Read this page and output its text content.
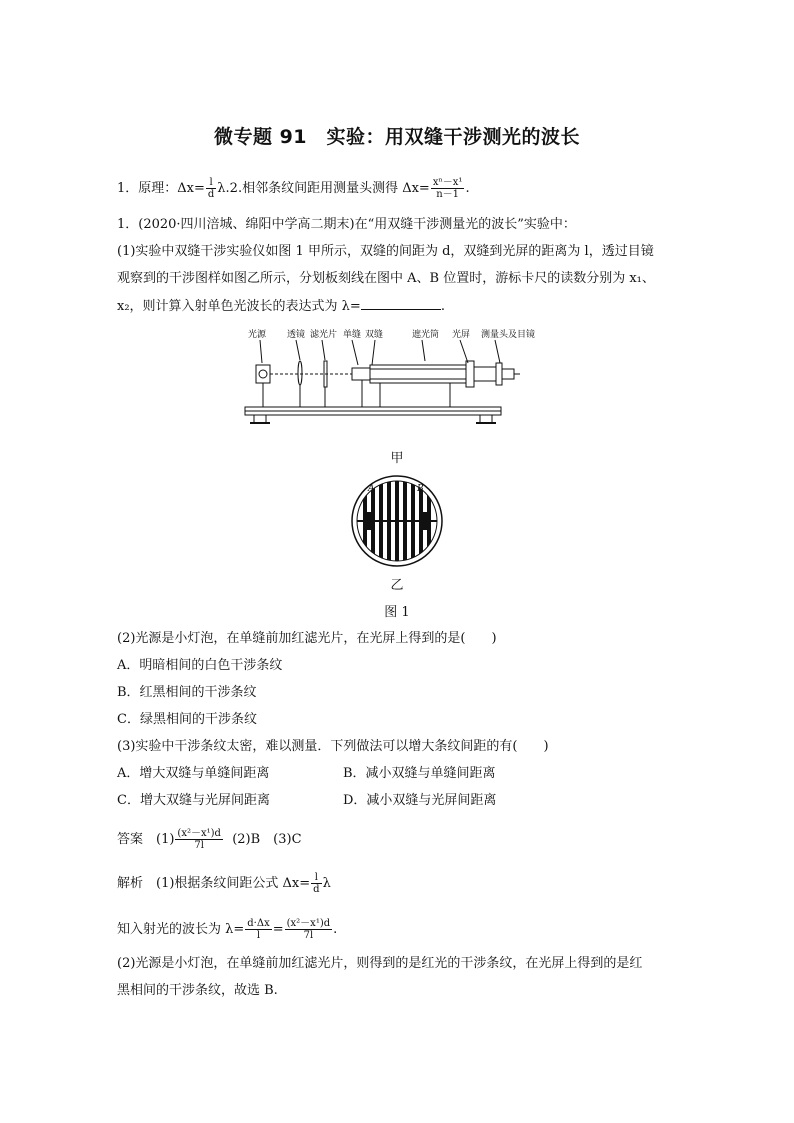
微专题 91　实验：用双缝干涉测光的波长
1．原理：$\Delta x= \frac{l}{d} \lambda.2$.相邻条纹间距用测量头测得 $\Delta x= \frac{\text{xⁿ－x¹}}{n-1}$ .
1．(2020·四川涪城、绵阳中学高二期末)在“用双缝干涉测量光的波长”实验中：
(1)实验中双缝干涉实验仪如图 1 甲所示，双缝的间距为 d，双缝到光屏的距离为 l，透过目镜
观察到的干涉图样如图乙所示，分划板刻线在图中 A、B 位置时，游标卡尺的读数分别为 x₁、
x₂，则计算入射单色光波长的表达式为 λ=	.
光源 透镜 滤光片 单缝 双缝	遮光筒 光屏 测量头及目镜
甲
A	B
乙
图 1
(2)光源是小灯泡，在单缝前加红滤光片，在光屏上得到的是(　　)
A．明暗相间的白色干涉条纹
B．红黑相间的干涉条纹
C．绿黑相间的干涉条纹
(3)实验中干涉条纹太密，难以测量．下列做法可以增大条纹间距的有(　　)
A．增大双缝与单缝间距离	B．减小双缝与单缝间距离
C．增大双缝与光屏间距离	D．减小双缝与光屏间距离
答案　$(1) \frac{\text{(x²－x¹)d}}{7l} (2)B$　(3)C
解析　(1)根据条纹间距公式 $\Delta x= \frac{l}{d}$ λ
知入射光的波长为 $\lambda= \frac{d\cdot\Delta x}{l} = \frac{\text{(x²－x¹)d}}{7l}$ .
(2)光源是小灯泡，在单缝前加红滤光片，则得到的是红光的干涉条纹，在光屏上得到的是红
黑相间的干涉条纹，故选 B.
